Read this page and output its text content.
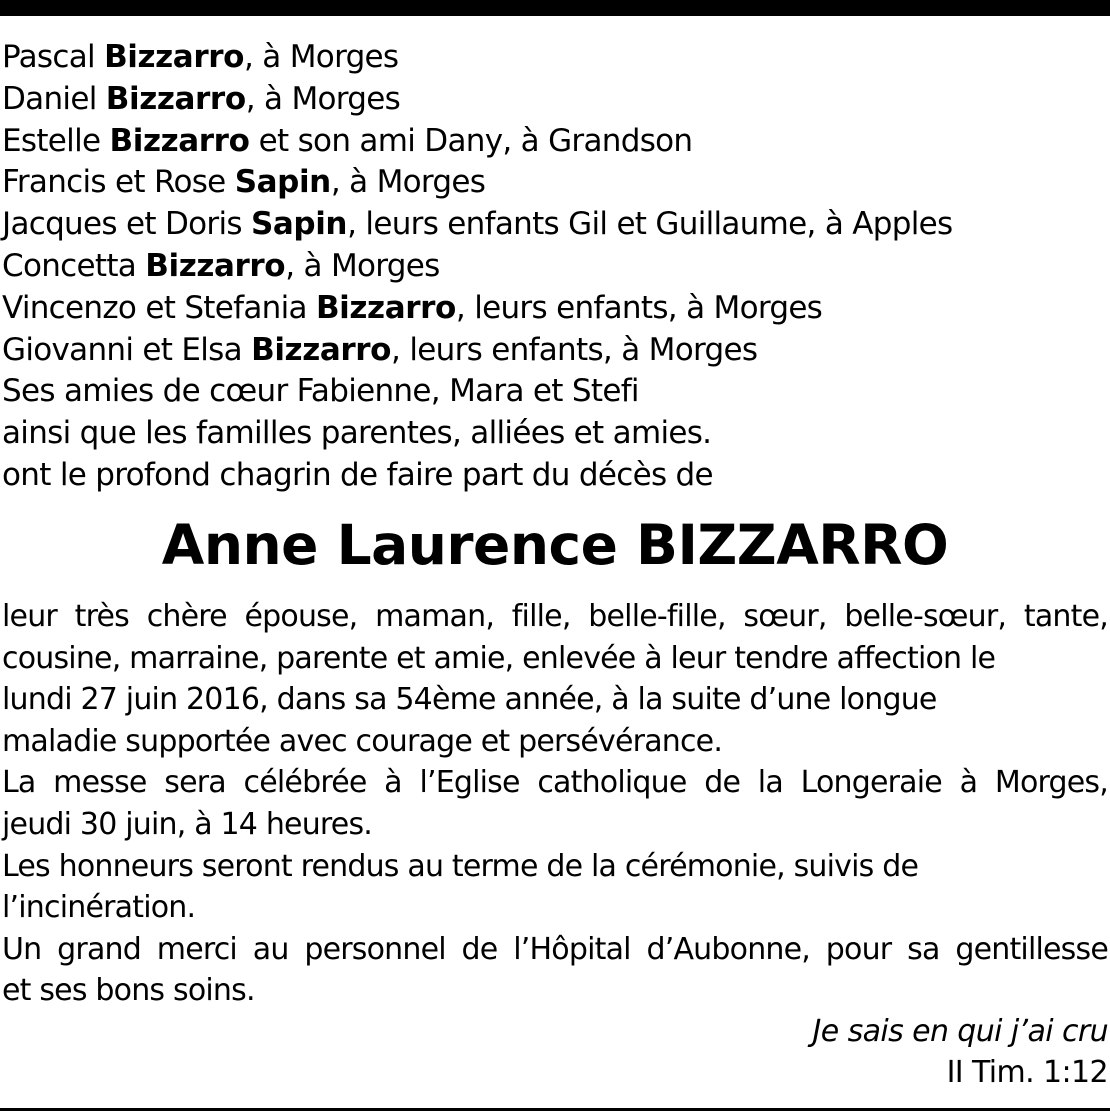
Pascal Bizzarro, à Morges
Daniel Bizzarro, à Morges
Estelle Bizzarro et son ami Dany, à Grandson
Francis et Rose Sapin, à Morges
Jacques et Doris Sapin, leurs enfants Gil et Guillaume, à Apples
Concetta Bizzarro, à Morges
Vincenzo et Stefania Bizzarro, leurs enfants, à Morges
Giovanni et Elsa Bizzarro, leurs enfants, à Morges
Ses amies de cœur Fabienne, Mara et Stefi
ainsi que les familles parentes, alliées et amies.
ont le profond chagrin de faire part du décès de
Anne Laurence BIZZARRO
leur très chère épouse, maman, fille, belle-fille, sœur, belle-sœur, tante,
cousine, marraine, parente et amie, enlevée à leur tendre affection le
lundi 27 juin 2016, dans sa 54ème année, à la suite d’une longue
maladie supportée avec courage et persévérance.
La messe sera célébrée à l’Eglise catholique de la Longeraie à Morges,
jeudi 30 juin, à 14 heures.
Les honneurs seront rendus au terme de la cérémonie, suivis de
l’incinération.
Un grand merci au personnel de l’Hôpital d’Aubonne, pour sa gentillesse
et ses bons soins.
Je sais en qui j’ai cru
II Tim. 1:12
